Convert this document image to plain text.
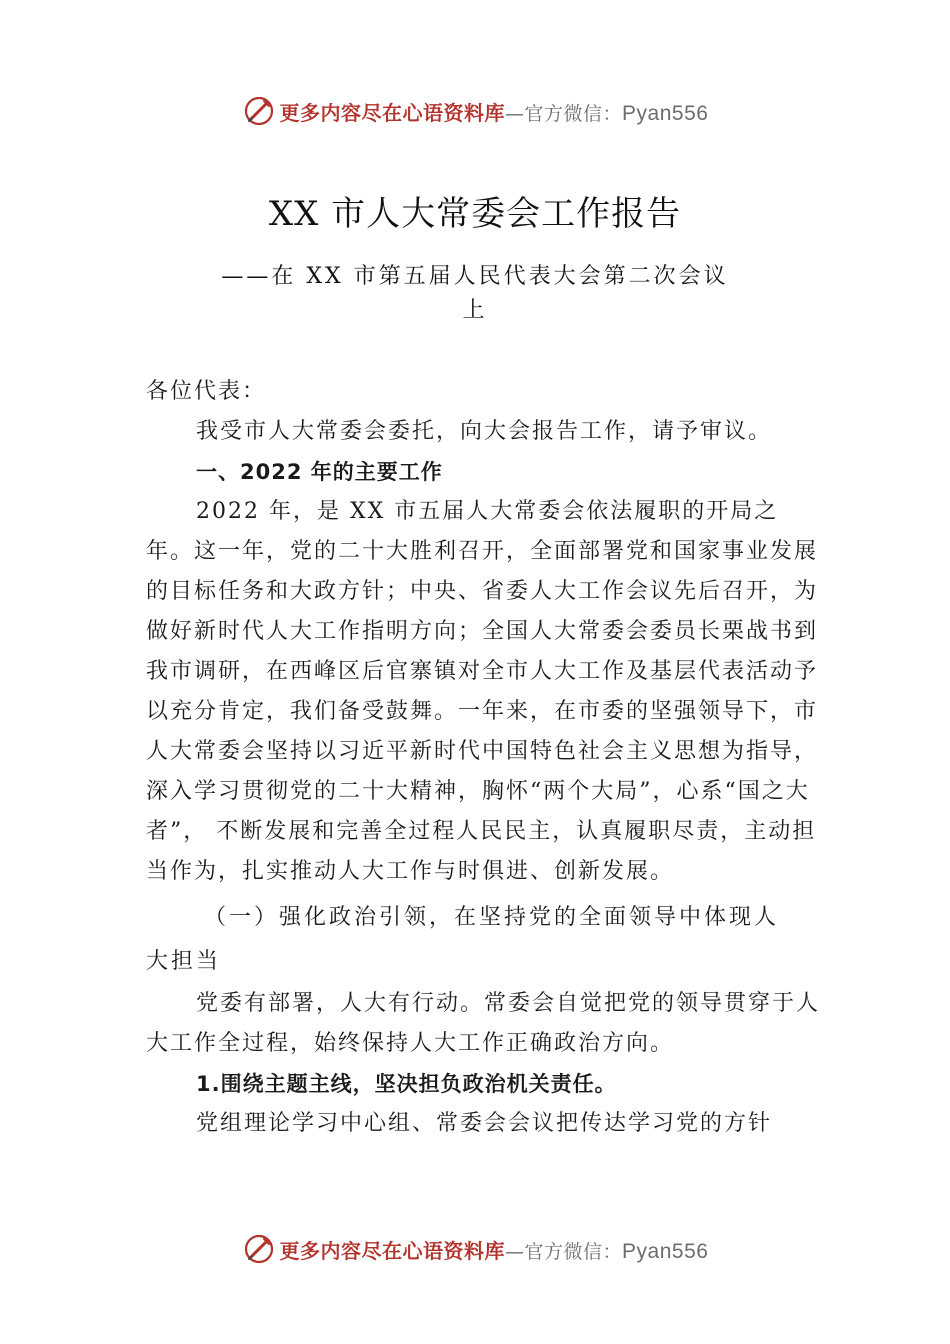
更多内容尽在心语资料库—官方微信：Pyan556
XX 市人大常委会工作报告
——在 XX 市第五届人民代表大会第二次会议
上

各位代表：

我受市人大常委会委托，向大会报告工作，请予审议。

一、2022 年的主要工作

2022 年，是 XX 市五届人大常委会依法履职的开局之年。这一年，党的二十大胜利召开，全面部署党和国家事业发展的目标任务和大政方针；中央、省委人大工作会议先后召开，为做好新时代人大工作指明方向；全国人大常委会委员长栗战书到我市调研，在西峰区后官寨镇对全市人大工作及基层代表活动予以充分肯定，我们备受鼓舞。一年来，在市委的坚强领导下，市人大常委会坚持以习近平新时代中国特色社会主义思想为指导，深入学习贯彻党的二十大精神，胸怀“两个大局”，心系“国之大者”， 不断发展和完善全过程人民民主，认真履职尽责，主动担当作为，扎实推动人大工作与时俱进、创新发展。

（一）强化政治引领，在坚持党的全面领导中体现人
大担当

党委有部署，人大有行动。常委会自觉把党的领导贯穿于人大工作全过程，始终保持人大工作正确政治方向。

1.围绕主题主线，坚决担负政治机关责任。

党组理论学习中心组、常委会会议把传达学习党的方针

更多内容尽在心语资料库—官方微信：Pyan556
